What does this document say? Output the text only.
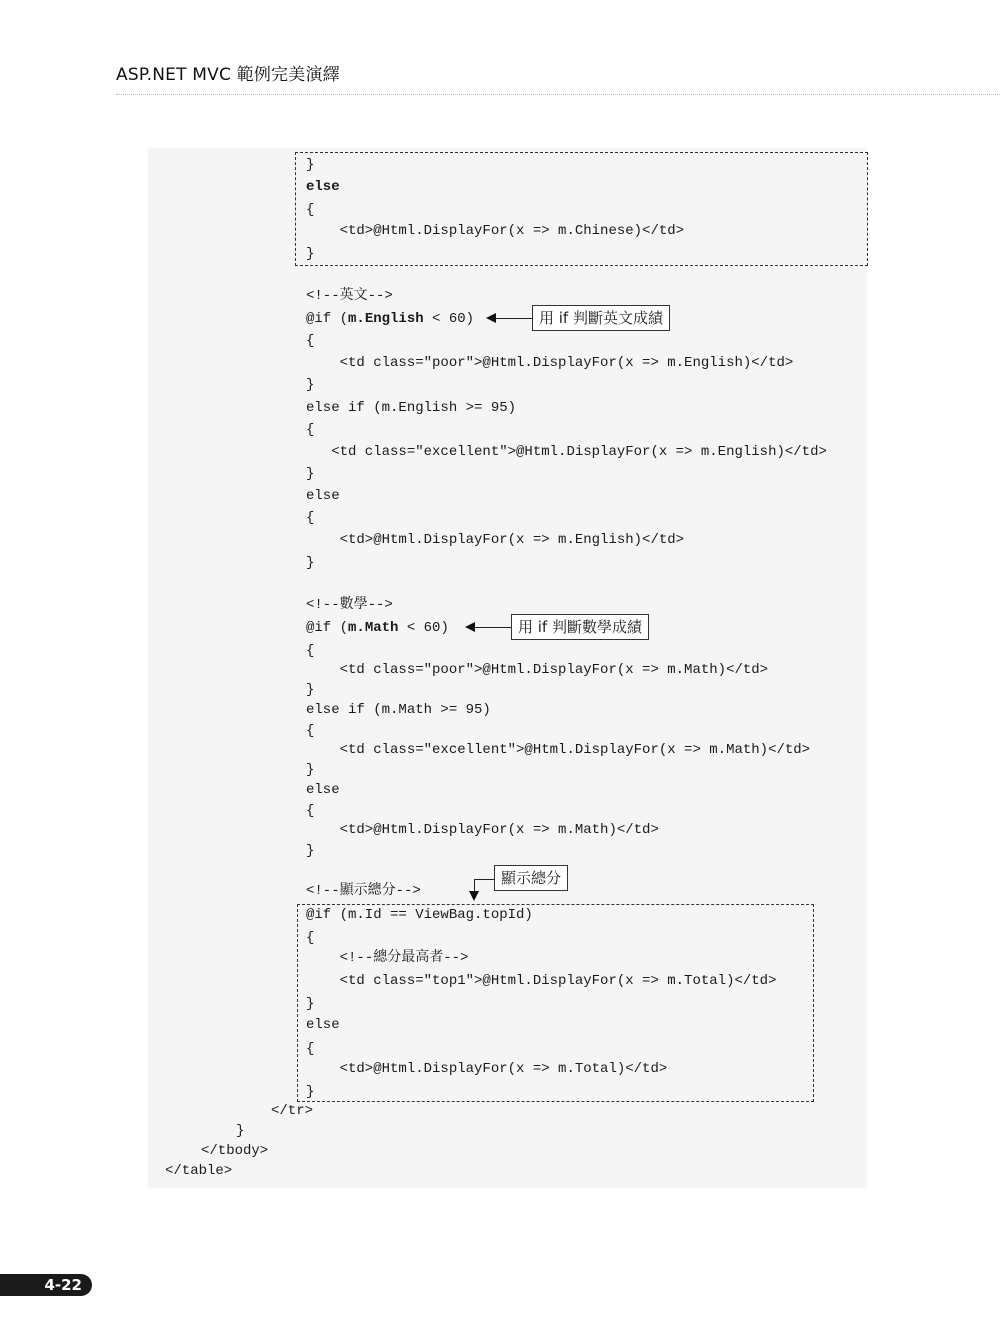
ASP.NET MVC 範例完美演繹
}
else
{
<td>@Html.DisplayFor(x => m.Chinese)</td>
}
<!--英文-->
@if (m.English < 60)
{
<td class="poor">@Html.DisplayFor(x => m.English)</td>
}
else if (m.English >= 95)
{
<td class="excellent">@Html.DisplayFor(x => m.English)</td>
}
else
{
<td>@Html.DisplayFor(x => m.English)</td>
}
<!--數學-->
@if (m.Math < 60)
{
<td class="poor">@Html.DisplayFor(x => m.Math)</td>
}
else if (m.Math >= 95)
{
<td class="excellent">@Html.DisplayFor(x => m.Math)</td>
}
else
{
<td>@Html.DisplayFor(x => m.Math)</td>
}
<!--顯示總分-->
@if (m.Id == ViewBag.topId)
{
<!--總分最高者-->
<td class="top1">@Html.DisplayFor(x => m.Total)</td>
}
else
{
<td>@Html.DisplayFor(x => m.Total)</td>
}
</tr>
}
</tbody>
</table>
用 if 判斷英文成績
用 if 判斷數學成績
顯示總分
4-22
